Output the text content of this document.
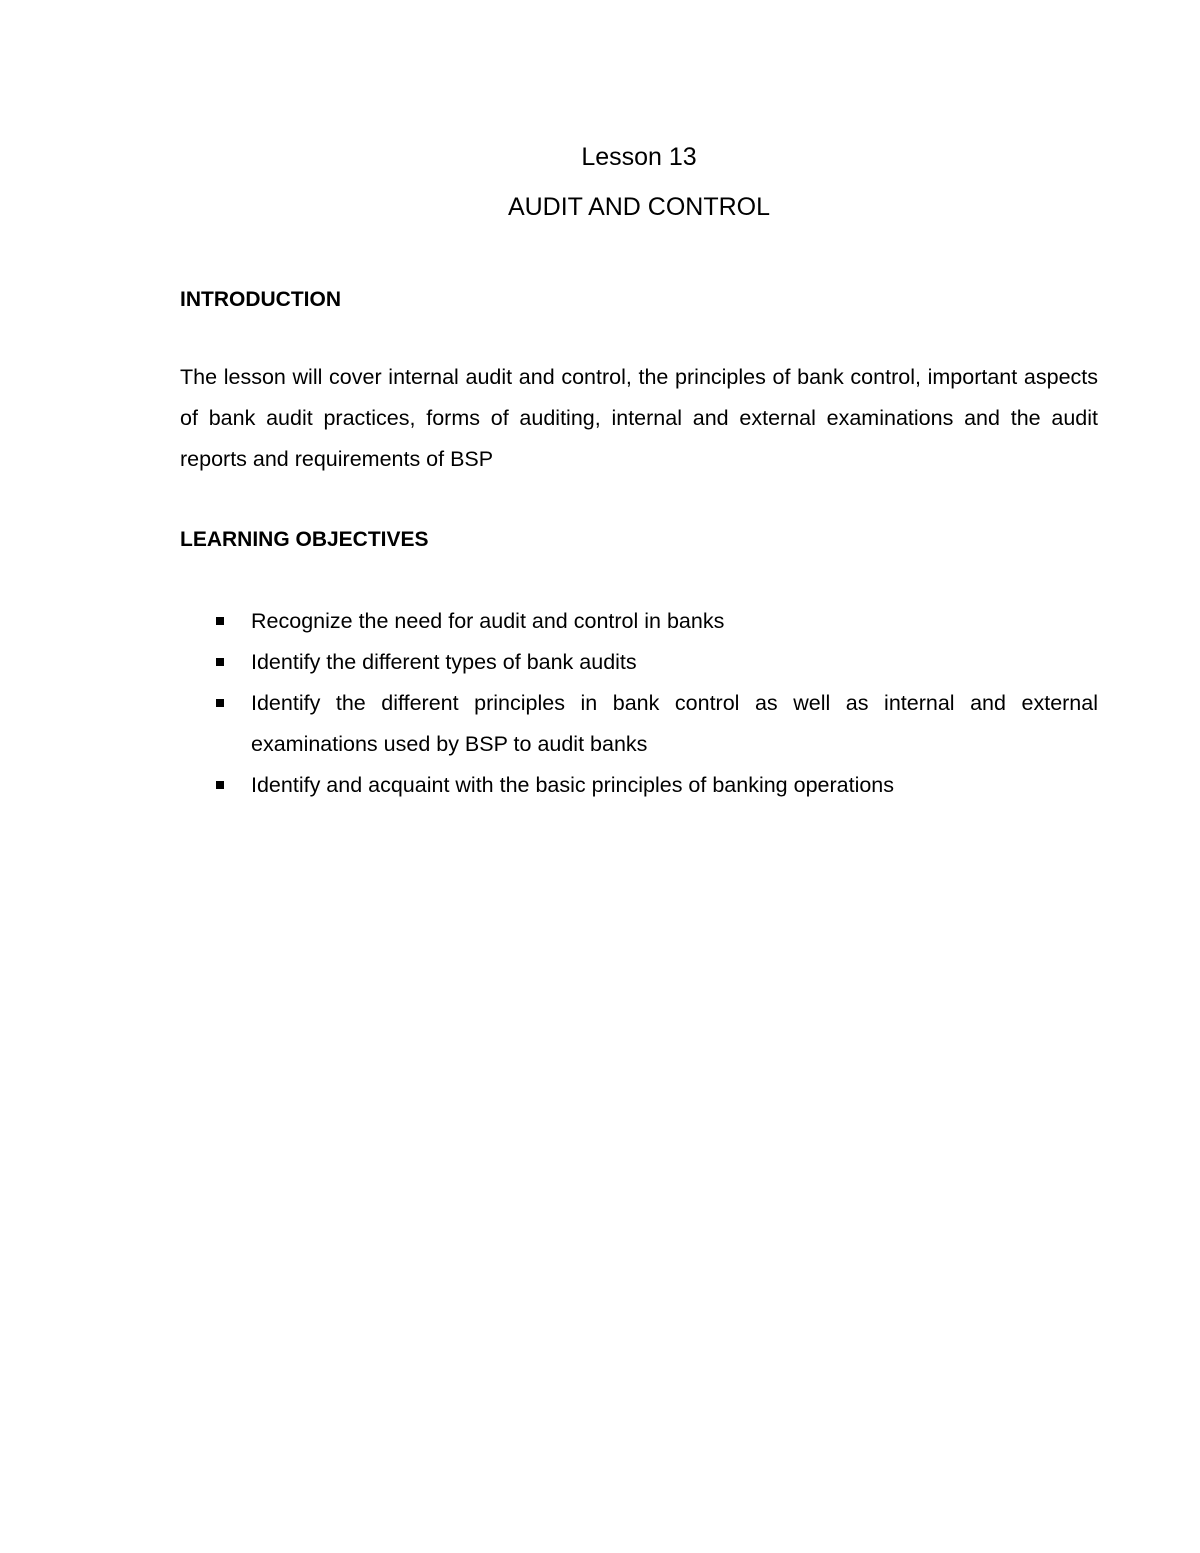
Lesson 13
AUDIT AND CONTROL
INTRODUCTION

The lesson will cover internal audit and control, the principles of bank control, important aspects of bank audit practices, forms of auditing, internal and external examinations and the audit reports and requirements of BSP

LEARNING OBJECTIVES
Recognize the need for audit and control in banks
Identify the different types of bank audits
Identify the different principles in bank control as well as internal and external examinations used by BSP to audit banks
Identify and acquaint with the basic principles of banking operations
